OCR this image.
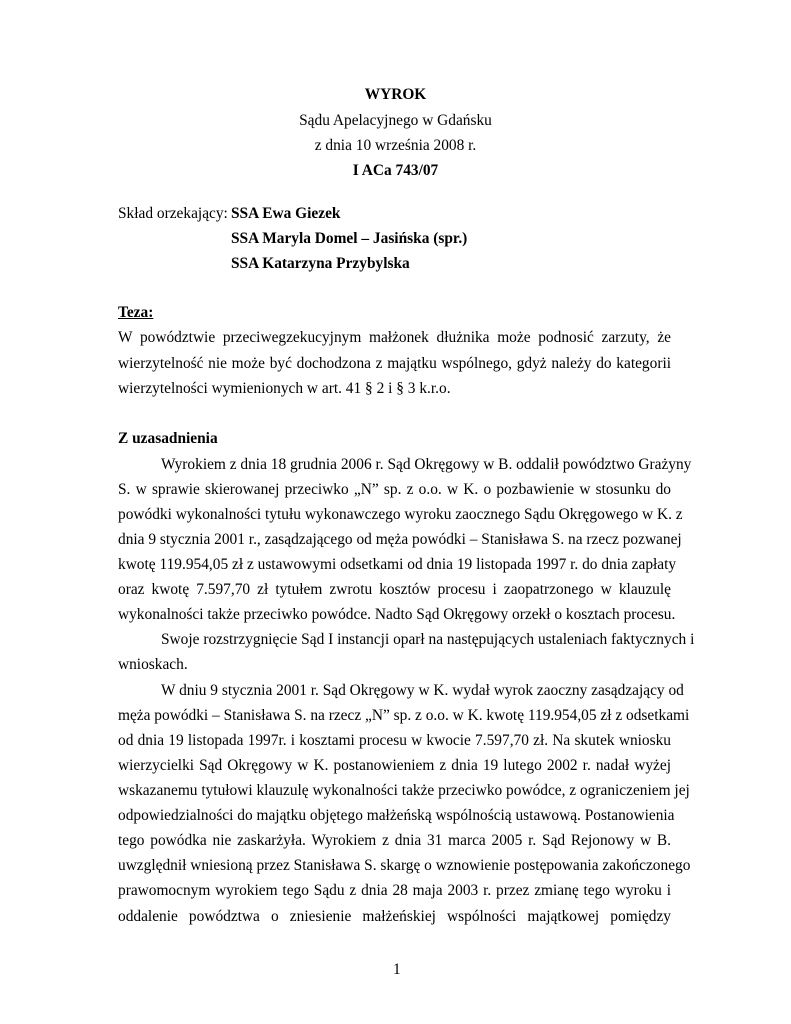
WYROK
Sądu Apelacyjnego w Gdańsku
z dnia 10 września 2008 r.
I ACa 743/07
Skład orzekający: SSA Ewa Giezek
SSA Maryla Domel – Jasińska (spr.)
SSA Katarzyna Przybylska
Teza:
W powództwie przeciwegzekucyjnym małżonek dłużnika może podnosić zarzuty, że
wierzytelność nie może być dochodzona z majątku wspólnego, gdyż należy do kategorii
wierzytelności wymienionych w art. 41 § 2 i § 3 k.r.o.
Z uzasadnienia
Wyrokiem z dnia 18 grudnia 2006 r. Sąd Okręgowy w B. oddalił powództwo Grażyny
S. w sprawie skierowanej przeciwko „N” sp. z o.o. w K. o pozbawienie w stosunku do
powódki wykonalności tytułu wykonawczego wyroku zaocznego Sądu Okręgowego w K. z
dnia 9 stycznia 2001 r., zasądzającego od męża powódki – Stanisława S. na rzecz pozwanej
kwotę 119.954,05 zł z ustawowymi odsetkami od dnia 19 listopada 1997 r. do dnia zapłaty
oraz kwotę 7.597,70 zł tytułem zwrotu kosztów procesu i zaopatrzonego w klauzulę
wykonalności także przeciwko powódce. Nadto Sąd Okręgowy orzekł o kosztach procesu.
Swoje rozstrzygnięcie Sąd I instancji oparł na następujących ustaleniach faktycznych i
wnioskach.
W dniu 9 stycznia 2001 r. Sąd Okręgowy w K. wydał wyrok zaoczny zasądzający od
męża powódki – Stanisława S. na rzecz „N” sp. z o.o. w K. kwotę 119.954,05 zł z odsetkami
od dnia 19 listopada 1997r. i kosztami procesu w kwocie 7.597,70 zł. Na skutek wniosku
wierzycielki Sąd Okręgowy w K. postanowieniem z dnia 19 lutego 2002 r. nadał wyżej
wskazanemu tytułowi klauzulę wykonalności także przeciwko powódce, z ograniczeniem jej
odpowiedzialności do majątku objętego małżeńską wspólnością ustawową. Postanowienia
tego powódka nie zaskarżyła. Wyrokiem z dnia 31 marca 2005 r. Sąd Rejonowy w B.
uwzględnił wniesioną przez Stanisława S. skargę o wznowienie postępowania zakończonego
prawomocnym wyrokiem tego Sądu z dnia 28 maja 2003 r. przez zmianę tego wyroku i
oddalenie powództwa o zniesienie małżeńskiej wspólności majątkowej pomiędzy
1
